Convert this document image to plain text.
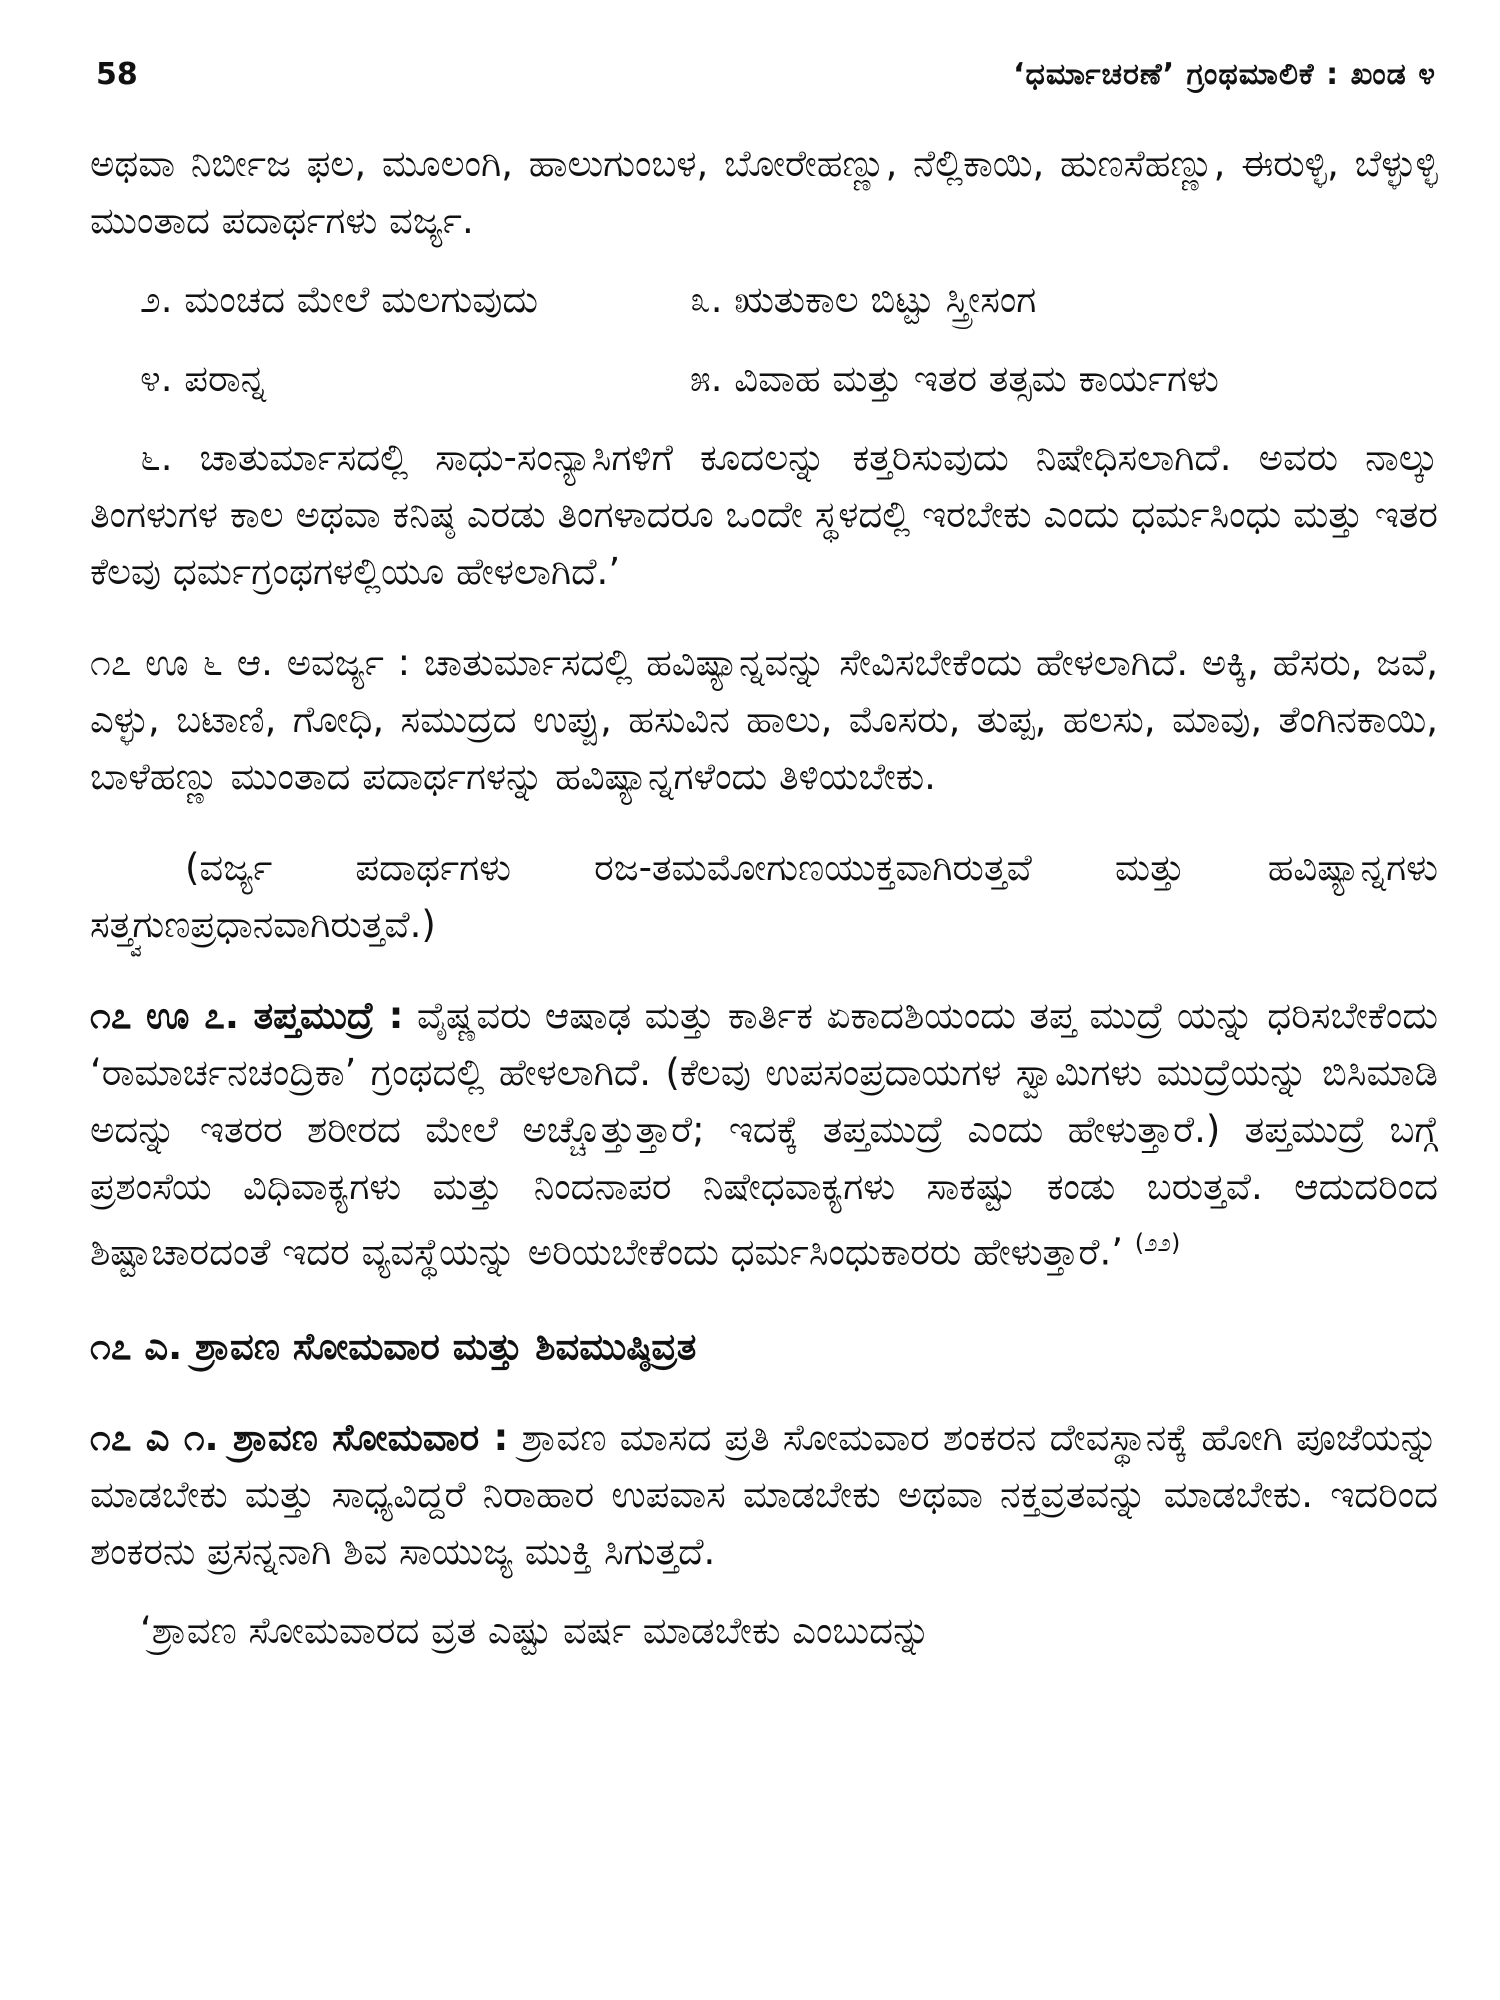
58	‘ಧರ್ಮಾಚರಣೆ’ ಗ್ರಂಥಮಾಲಿಕೆ : ಖಂಡ ೪

ಅಥವಾ ನಿರ್ಬೀಜ ಫಲ, ಮೂಲಂಗಿ, ಹಾಲುಗುಂಬಳ, ಬೋರೇಹಣ್ಣು, ನೆಲ್ಲಿಕಾಯಿ, ಹುಣಸೆಹಣ್ಣು, ಈರುಳ್ಳಿ, ಬೆಳ್ಳುಳ್ಳಿ ಮುಂತಾದ ಪದಾರ್ಥಗಳು ವರ್ಜ್ಯ.

೨. ಮಂಚದ ಮೇಲೆ ಮಲಗುವುದು	೩. ಋತುಕಾಲ ಬಿಟ್ಟು ಸ್ತ್ರೀಸಂಗ
೪. ಪರಾನ್ನ	೫. ವಿವಾಹ ಮತ್ತು ಇತರ ತತ್ಸಮ ಕಾರ್ಯಗಳು

೬. ಚಾತುರ್ಮಾಸದಲ್ಲಿ ಸಾಧು-ಸಂನ್ಯಾಸಿಗಳಿಗೆ ಕೂದಲನ್ನು ಕತ್ತರಿಸುವುದು ನಿಷೇಧಿಸಲಾಗಿದೆ. ಅವರು ನಾಲ್ಕು ತಿಂಗಳುಗಳ ಕಾಲ ಅಥವಾ ಕನಿಷ್ಠ ಎರಡು ತಿಂಗಳಾದರೂ ಒಂದೇ ಸ್ಥಳದಲ್ಲಿ ಇರಬೇಕು ಎಂದು ಧರ್ಮಸಿಂಧು ಮತ್ತು ಇತರ ಕೆಲವು ಧರ್ಮಗ್ರಂಥಗಳಲ್ಲಿಯೂ ಹೇಳಲಾಗಿದೆ.’

೧೭ ಊ ೬ ಆ. ಅವರ್ಜ್ಯ : ಚಾತುರ್ಮಾಸದಲ್ಲಿ ಹವಿಷ್ಯಾನ್ನವನ್ನು ಸೇವಿಸಬೇಕೆಂದು ಹೇಳಲಾಗಿದೆ. ಅಕ್ಕಿ, ಹೆಸರು, ಜವೆ, ಎಳ್ಳು, ಬಟಾಣಿ, ಗೋಧಿ, ಸಮುದ್ರದ ಉಪ್ಪು, ಹಸುವಿನ ಹಾಲು, ಮೊಸರು, ತುಪ್ಪ, ಹಲಸು, ಮಾವು, ತೆಂಗಿನಕಾಯಿ, ಬಾಳೆಹಣ್ಣು ಮುಂತಾದ ಪದಾರ್ಥಗಳನ್ನು ಹವಿಷ್ಯಾನ್ನಗಳೆಂದು ತಿಳಿಯಬೇಕು.

(ವರ್ಜ್ಯ ಪದಾರ್ಥಗಳು ರಜ-ತಮಮೋಗುಣಯುಕ್ತವಾಗಿರುತ್ತವೆ ಮತ್ತು ಹವಿಷ್ಯಾನ್ನಗಳು ಸತ್ತ್ವಗುಣಪ್ರಧಾನವಾಗಿರುತ್ತವೆ.)

೧೭ ಊ ೭. ತಪ್ತಮುದ್ರೆ : ವೈಷ್ಣವರು ಆಷಾಢ ಮತ್ತು ಕಾರ್ತಿಕ ಏಕಾದಶಿಯಂದು ತಪ್ತ ಮುದ್ರೆ ಯನ್ನು ಧರಿಸಬೇಕೆಂದು ‘ರಾಮಾರ್ಚನಚಂದ್ರಿಕಾ’ ಗ್ರಂಥದಲ್ಲಿ ಹೇಳಲಾಗಿದೆ. (ಕೆಲವು ಉಪಸಂಪ್ರದಾಯಗಳ ಸ್ವಾಮಿಗಳು ಮುದ್ರೆಯನ್ನು ಬಿಸಿಮಾಡಿ ಅದನ್ನು ಇತರರ ಶರೀರದ ಮೇಲೆ ಅಚ್ಚೊತ್ತುತ್ತಾರೆ; ಇದಕ್ಕೆ ತಪ್ತಮುದ್ರೆ ಎಂದು ಹೇಳುತ್ತಾರೆ.) ತಪ್ತಮುದ್ರೆ ಬಗ್ಗೆ ಪ್ರಶಂಸೆಯ ವಿಧಿವಾಕ್ಯಗಳು ಮತ್ತು ನಿಂದನಾಪರ ನಿಷೇಧವಾಕ್ಯಗಳು ಸಾಕಷ್ಟು ಕಂಡು ಬರುತ್ತವೆ. ಆದುದರಿಂದ ಶಿಷ್ಟಾಚಾರದಂತೆ ಇದರ ವ್ಯವಸ್ಥೆಯನ್ನು ಅರಿಯಬೇಕೆಂದು ಧರ್ಮಸಿಂಧುಕಾರರು ಹೇಳುತ್ತಾರೆ.’ $^{(೨೨)}$

೧೭ ಎ. ಶ್ರಾವಣ ಸೋಮವಾರ ಮತ್ತು ಶಿವಮುಷ್ಠಿವ್ರತ

೧೭ ಎ ೧. ಶ್ರಾವಣ ಸೋಮವಾರ : ಶ್ರಾವಣ ಮಾಸದ ಪ್ರತಿ ಸೋಮವಾರ ಶಂಕರನ ದೇವಸ್ಥಾನಕ್ಕೆ ಹೋಗಿ ಪೂಜೆಯನ್ನು ಮಾಡಬೇಕು ಮತ್ತು ಸಾಧ್ಯವಿದ್ದರೆ ನಿರಾಹಾರ ಉಪವಾಸ ಮಾಡಬೇಕು ಅಥವಾ ನಕ್ತವ್ರತವನ್ನು ಮಾಡಬೇಕು. ಇದರಿಂದ ಶಂಕರನು ಪ್ರಸನ್ನನಾಗಿ ಶಿವ ಸಾಯುಜ್ಯ ಮುಕ್ತಿ ಸಿಗುತ್ತದೆ.

‘ಶ್ರಾವಣ ಸೋಮವಾರದ ವ್ರತ ಎಷ್ಟು ವರ್ಷ ಮಾಡಬೇಕು ಎಂಬುದನ್ನು
